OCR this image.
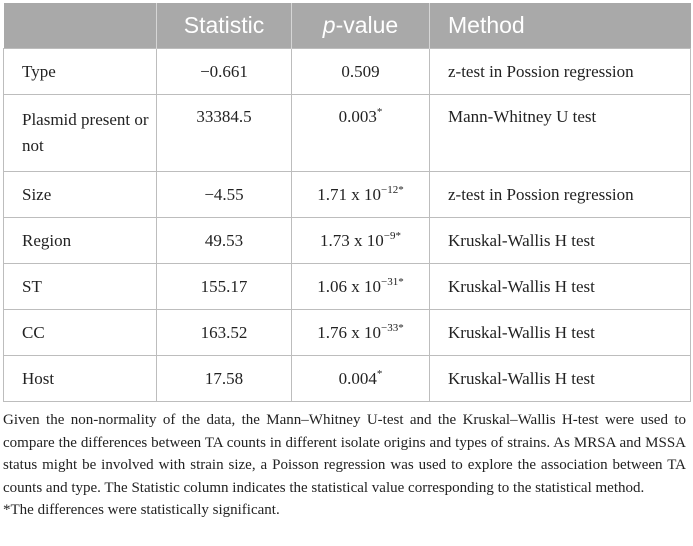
	Statistic	p-value	Method
Type	−0.661	0.509	z-test in Possion regression
Plasmid present or not	33384.5	0.003*	Mann-Whitney U test
Size	−4.55	1.71 x $10^{-12*}$	z-test in Possion regression
Region	49.53	1.73 x $10^{-9*}$	Kruskal-Wallis H test
ST	155.17	1.06 x $10^{-31*}$	Kruskal-Wallis H test
CC	163.52	1.76 x $10^{-33*}$	Kruskal-Wallis H test
Host	17.58	0.004*	Kruskal-Wallis H test

Given the non-normality of the data, the Mann–Whitney U-test and the Kruskal–Wallis H-test were used to compare the differences between TA counts in different isolate origins and types of strains. As MRSA and MSSA status might be involved with strain size, a Poisson regression was used to explore the association between TA counts and type. The Statistic column indicates the statistical value corresponding to the statistical method.

*The differences were statistically significant.
